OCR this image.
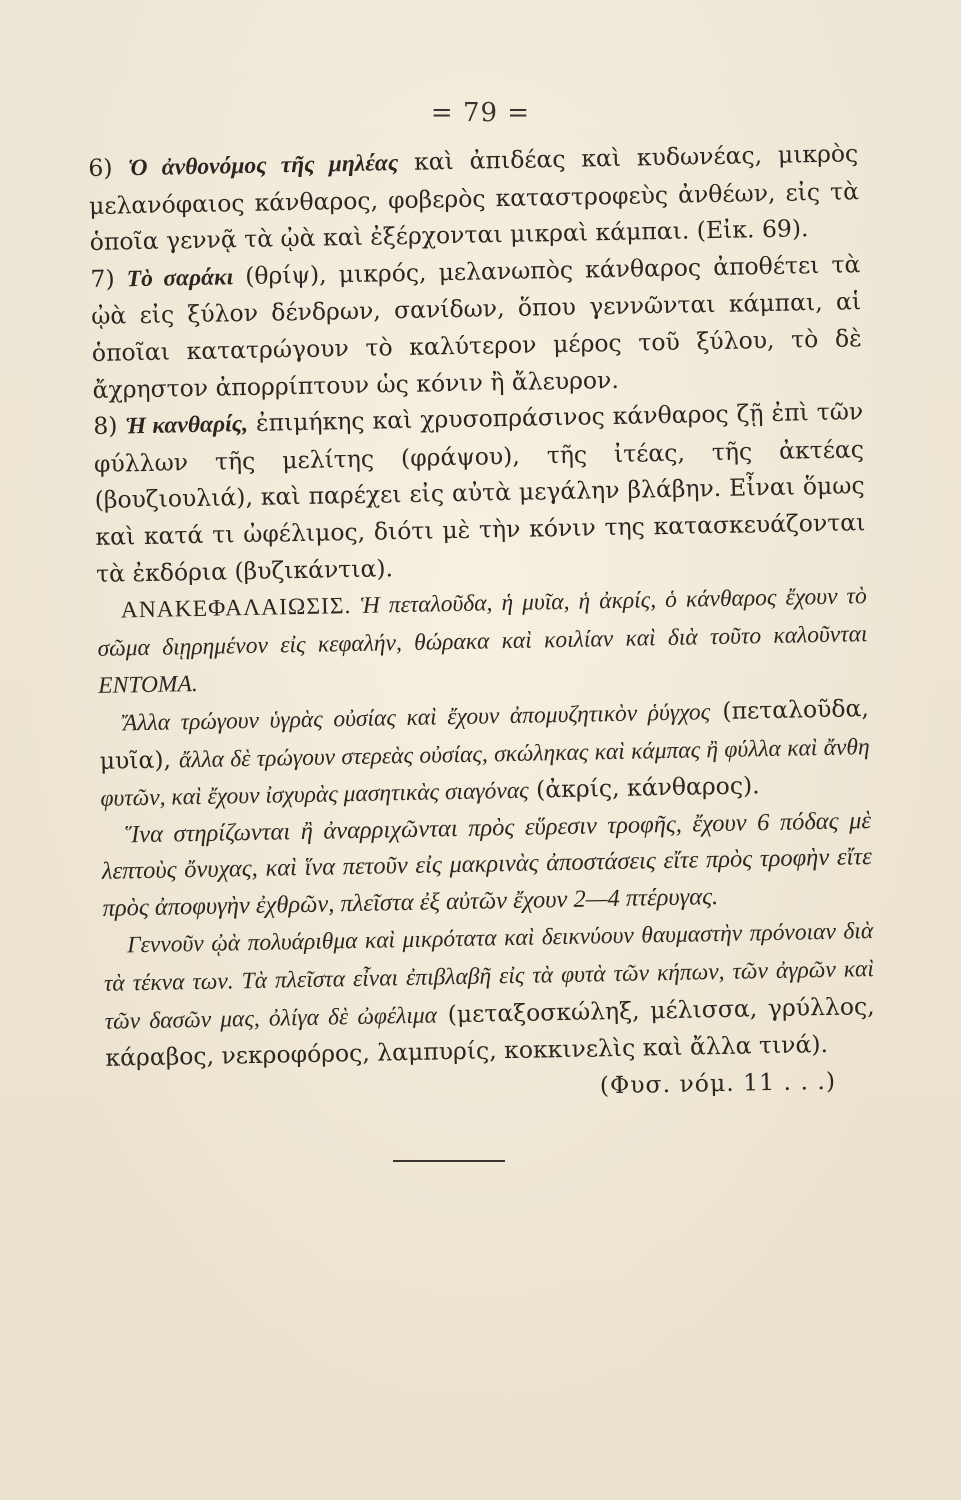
= 79 =

6) Ὁ ἀνθονόμος τῆς μηλέας καὶ ἀπιδέας καὶ κυδωνέας, μικρὸς μελανόφαιος κάνθαρος, φοβερὸς καταστροφεὺς ἀνθέων, εἰς τὰ ὁποῖα γεννᾷ τὰ ᾠὰ καὶ ἐξέρχονται μικραὶ κάμπαι. (Εἰκ. 69).

7) Τὸ σαράκι (θρίψ), μικρός, μελανωπὸς κάνθαρος ἀποθέτει τὰ ᾠὰ εἰς ξύλον δένδρων, σανίδων, ὅπου γεννῶνται κάμπαι, αἱ ὁποῖαι κατατρώγουν τὸ καλύτερον μέρος τοῦ ξύλου, τὸ δὲ ἄχρηστον ἀπορρίπτουν ὡς κόνιν ἢ ἄλευρον.

8) Ἡ κανθαρίς, ἐπιμήκης καὶ χρυσοπράσινος κάνθαρος ζῇ ἐπὶ τῶν φύλλων τῆς μελίτης (φράψου), τῆς ἰτέας, τῆς ἀκτέας (βουζιουλιά), καὶ παρέχει εἰς αὐτὰ μεγάλην βλάβην. Εἶναι ὅμως καὶ κατά τι ὠφέλιμος, διότι μὲ τὴν κόνιν της κατασκευάζονται τὰ ἐκδόρια (βυζικάντια).

ΑΝΑΚΕΦΑΛΑΙΩΣΙΣ. Ἡ πεταλοῦδα, ἡ μυῖα, ἡ ἀκρίς, ὁ κάνθαρος ἔχουν τὸ σῶμα διῃρημένον εἰς κεφαλήν, θώρακα καὶ κοιλίαν καὶ διὰ τοῦτο καλοῦνται ΕΝΤΟΜΑ.

Ἄλλα τρώγουν ὑγρὰς οὐσίας καὶ ἔχουν ἀπομυζητικὸν ῥύγχος (πεταλοῦδα, μυῖα), ἄλλα δὲ τρώγουν στερεὰς οὐσίας, σκώληκας καὶ κάμπας ἢ φύλλα καὶ ἄνθη φυτῶν, καὶ ἔχουν ἰσχυρὰς μασητικὰς σιαγόνας (ἀκρίς, κάνθαρος).

Ἵνα στηρίζωνται ἢ ἀναρριχῶνται πρὸς εὕρεσιν τροφῆς, ἔχουν 6 πόδας μὲ λεπτοὺς ὄνυχας, καὶ ἵνα πετοῦν εἰς μακρινὰς ἀποστάσεις εἴτε πρὸς τροφὴν εἴτε πρὸς ἀποφυγὴν ἐχθρῶν, πλεῖστα ἐξ αὐτῶν ἔχουν 2—4 πτέρυγας.

Γεννοῦν ᾠὰ πολυάριθμα καὶ μικρότατα καὶ δεικνύουν θαυμαστὴν πρόνοιαν διὰ τὰ τέκνα των. Τὰ πλεῖστα εἶναι ἐπιβλαβῆ εἰς τὰ φυτὰ τῶν κήπων, τῶν ἀγρῶν καὶ τῶν δασῶν μας, ὀλίγα δὲ ὠφέλιμα (μεταξοσκώληξ, μέλισσα, γρύλλος, κάραβος, νεκροφόρος, λαμπυρίς, κοκκινελὶς καὶ ἄλλα τινά).

(Φυσ. νόμ. 11 . . .)
